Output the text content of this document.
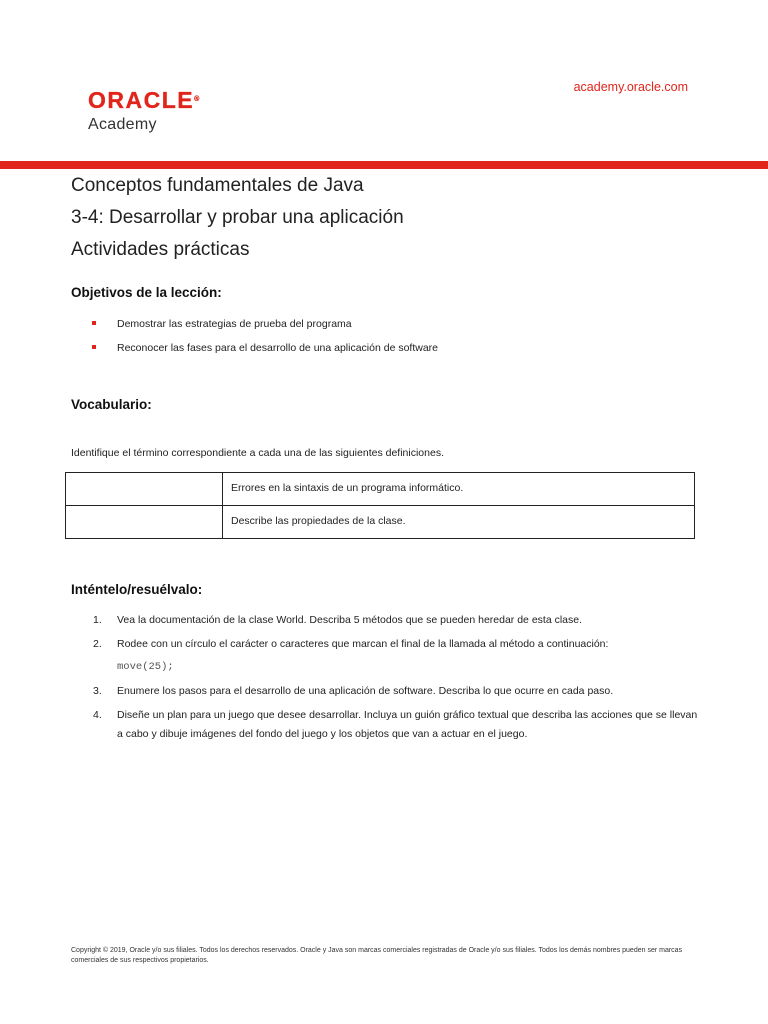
ORACLE®
Academy
academy.oracle.com
Conceptos fundamentales de Java
3-4: Desarrollar y probar una aplicación
Actividades prácticas
Objetivos de la lección:
Demostrar las estrategias de prueba del programa
Reconocer las fases para el desarrollo de una aplicación de software
Vocabulario:
Identifique el término correspondiente a cada una de las siguientes definiciones.
	Errores en la sintaxis de un programa informático.
	Describe las propiedades de la clase.
Inténtelo/resuélvalo:
1. Vea la documentación de la clase World. Describa 5 métodos que se pueden heredar de esta clase.
2. Rodee con un círculo el carácter o caracteres que marcan el final de la llamada al método a continuación:
move(25);
3. Enumere los pasos para el desarrollo de una aplicación de software. Describa lo que ocurre en cada paso.
4. Diseñe un plan para un juego que desee desarrollar. Incluya un guión gráfico textual que describa las acciones que se llevan a cabo y dibuje imágenes del fondo del juego y los objetos que van a actuar en el juego.
Copyright © 2019, Oracle y/o sus filiales. Todos los derechos reservados. Oracle y Java son marcas comerciales registradas de Oracle y/o sus filiales. Todos los demás nombres pueden ser marcas comerciales de sus respectivos propietarios.
